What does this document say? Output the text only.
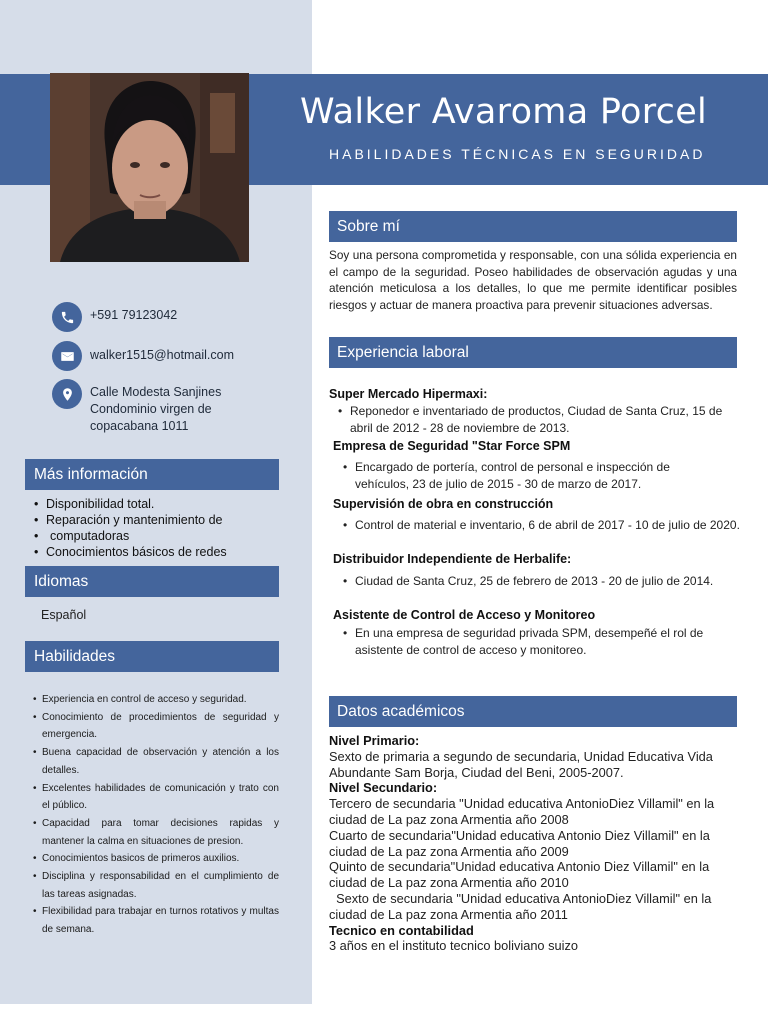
Walker Avaroma Porcel
HABILIDADES TÉCNICAS EN SEGURIDAD
+591 79123042
walker1515@hotmail.com
Calle Modesta Sanjines
Condominio virgen de
copacabana 1011
Más información
• Disponibilidad total.
• Reparación y mantenimiento de
• computadoras
• Conocimientos básicos de redes
Idiomas
Español
Habilidades
• Experiencia en control de acceso y seguridad.
• Conocimiento de procedimientos de seguridad y emergencia.
• Buena capacidad de observación y atención a los detalles.
• Excelentes habilidades de comunicación y trato con el público.
• Capacidad para tomar decisiones rapidas y mantener la calma en situaciones de presion.
• Conocimientos basicos de primeros auxilios.
• Disciplina y responsabilidad en el cumplimiento de las tareas asignadas.
• Flexibilidad para trabajar en turnos rotativos y multas de semana.
Sobre mí
Soy una persona comprometida y responsable, con una sólida experiencia en el campo de la seguridad. Poseo habilidades de observación agudas y una atención meticulosa a los detalles, lo que me permite identificar posibles riesgos y actuar de manera proactiva para prevenir situaciones adversas.
Experiencia laboral
Super Mercado Hipermaxi:
• Reponedor e inventariado de productos, Ciudad de Santa Cruz, 15 de abril de 2012 - 28 de noviembre de 2013.
Empresa de Seguridad "Star Force SPM
• Encargado de portería, control de personal e inspección de vehículos, 23 de julio de 2015 - 30 de marzo de 2017.
Supervisión de obra en construcción
• Control de material e inventario, 6 de abril de 2017 - 10 de julio de 2020.
Distribuidor Independiente de Herbalife:
• Ciudad de Santa Cruz, 25 de febrero de 2013 - 20 de julio de 2014.
Asistente de Control de Acceso y Monitoreo
• En una empresa de seguridad privada SPM, desempeñé el rol de asistente de control de acceso y monitoreo.
Datos académicos
Nivel Primario:
Sexto de primaria a segundo de secundaria, Unidad Educativa Vida Abundante Sam Borja, Ciudad del Beni, 2005-2007.
Nivel Secundario:
Tercero de secundaria "Unidad educativa AntonioDiez Villamil" en la ciudad de La paz zona Armentia año 2008
Cuarto de secundaria"Unidad educativa Antonio Diez Villamil" en la ciudad de La paz zona Armentia año 2009
Quinto de secundaria"Unidad educativa Antonio Diez Villamil" en la ciudad de La paz zona Armentia año 2010
Sexto de secundaria "Unidad educativa AntonioDiez Villamil" en la ciudad de La paz zona Armentia año 2011
Tecnico en contabilidad
3 años en el instituto tecnico boliviano suizo
